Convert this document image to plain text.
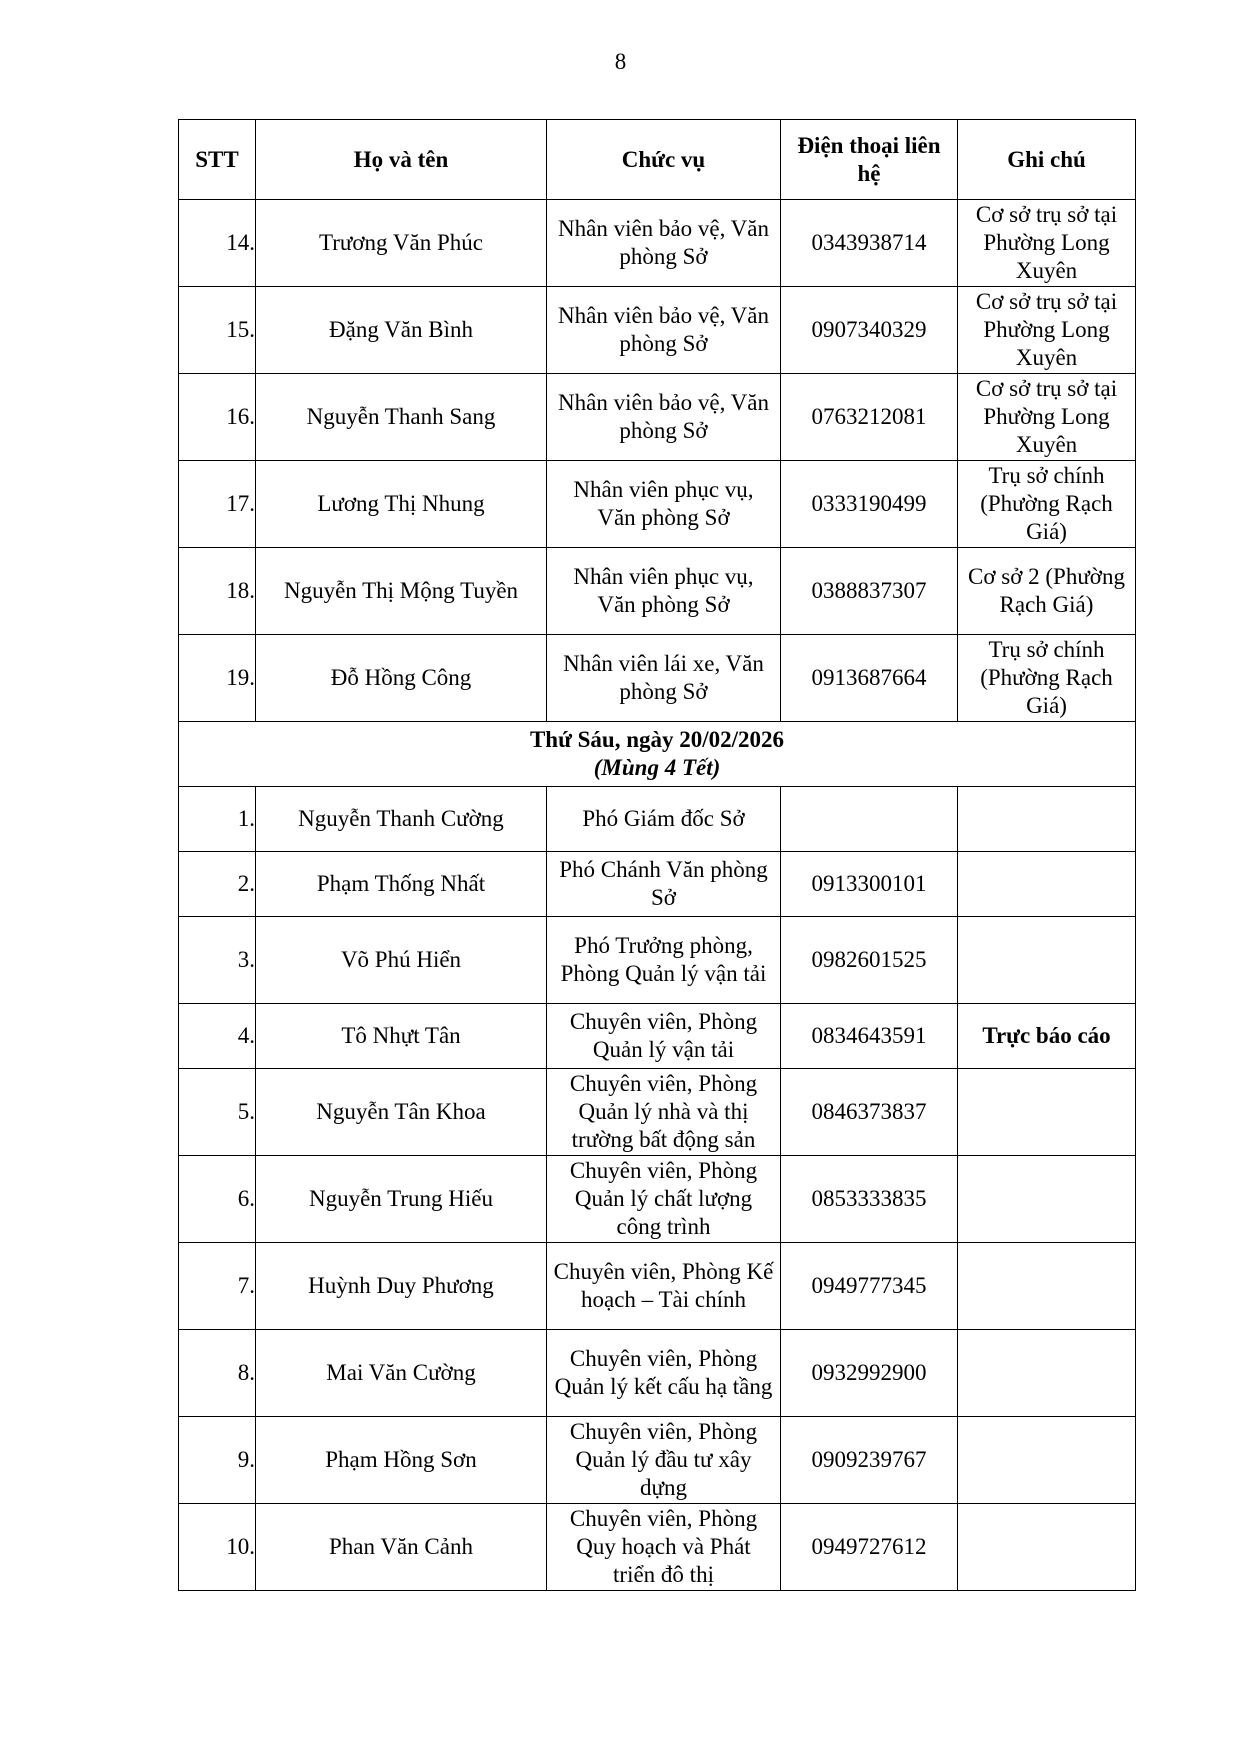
8
STT	Họ và tên	Chức vụ	Điện thoại liên hệ	Ghi chú
14.	Trương Văn Phúc	Nhân viên bảo vệ, Văn phòng Sở	0343938714	Cơ sở trụ sở tại Phường Long Xuyên
15.	Đặng Văn Bình	Nhân viên bảo vệ, Văn phòng Sở	0907340329	Cơ sở trụ sở tại Phường Long Xuyên
16.	Nguyễn Thanh Sang	Nhân viên bảo vệ, Văn phòng Sở	0763212081	Cơ sở trụ sở tại Phường Long Xuyên
17.	Lương Thị Nhung	Nhân viên phục vụ, Văn phòng Sở	0333190499	Trụ sở chính (Phường Rạch Giá)
18.	Nguyễn Thị Mộng Tuyền	Nhân viên phục vụ, Văn phòng Sở	0388837307	Cơ sở 2 (Phường Rạch Giá)
19.	Đỗ Hồng Công	Nhân viên lái xe, Văn phòng Sở	0913687664	Trụ sở chính (Phường Rạch Giá)

Thứ Sáu, ngày 20/02/2026
(Mùng 4 Tết)				

1.	Nguyễn Thanh Cường	Phó Giám đốc Sở		
2.	Phạm Thống Nhất	Phó Chánh Văn phòng Sở	0913300101	
3.	Võ Phú Hiển	Phó Trưởng phòng, Phòng Quản lý vận tải	0982601525	
4.	Tô Nhựt Tân	Chuyên viên, Phòng Quản lý vận tải	0834643591	Trực báo cáo
5.	Nguyễn Tân Khoa	Chuyên viên, Phòng Quản lý nhà và thị trường bất động sản	0846373837	
6.	Nguyễn Trung Hiếu	Chuyên viên, Phòng Quản lý chất lượng công trình	0853333835	
7.	Huỳnh Duy Phương	Chuyên viên, Phòng Kế hoạch – Tài chính	0949777345	
8.	Mai Văn Cường	Chuyên viên, Phòng Quản lý kết cấu hạ tầng	0932992900	
9.	Phạm Hồng Sơn	Chuyên viên, Phòng Quản lý đầu tư xây dựng	0909239767	
10.	Phan Văn Cảnh	Chuyên viên, Phòng Quy hoạch và Phát triển đô thị	0949727612	
